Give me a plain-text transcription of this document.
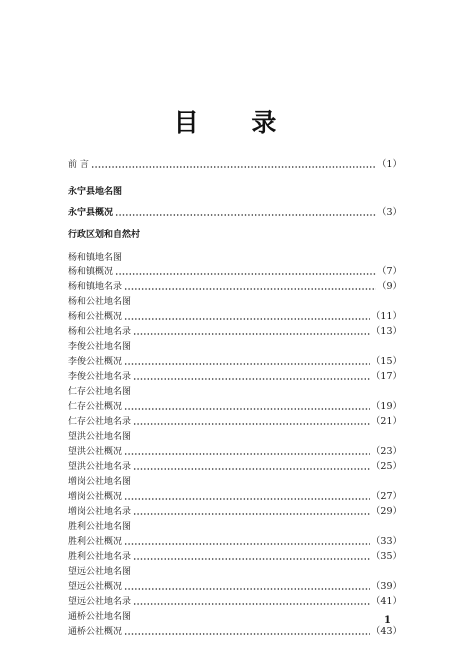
目 录
前 言	（1）
永宁县地名图
永宁县概况	（3）
行政区划和自然村
杨和镇地名图
杨和镇概况	（7）
杨和镇地名录	（9）
杨和公社地名图
杨和公社概况	（11）
杨和公社地名录	（13）
李俊公社地名图
李俊公社概况	（15）
李俊公社地名录	（17）
仁存公社地名图
仁存公社概况	（19）
仁存公社地名录	（21）
望洪公社地名图
望洪公社概况	（23）
望洪公社地名录	（25）
增岗公社地名图
增岗公社概况	（27）
增岗公社地名录	（29）
胜利公社地名图
胜利公社概况	（33）
胜利公社地名录	（35）
望远公社地名图
望远公社概况	（39）
望远公社地名录	（41）
通桥公社地名图
通桥公社概况	（43）
1
